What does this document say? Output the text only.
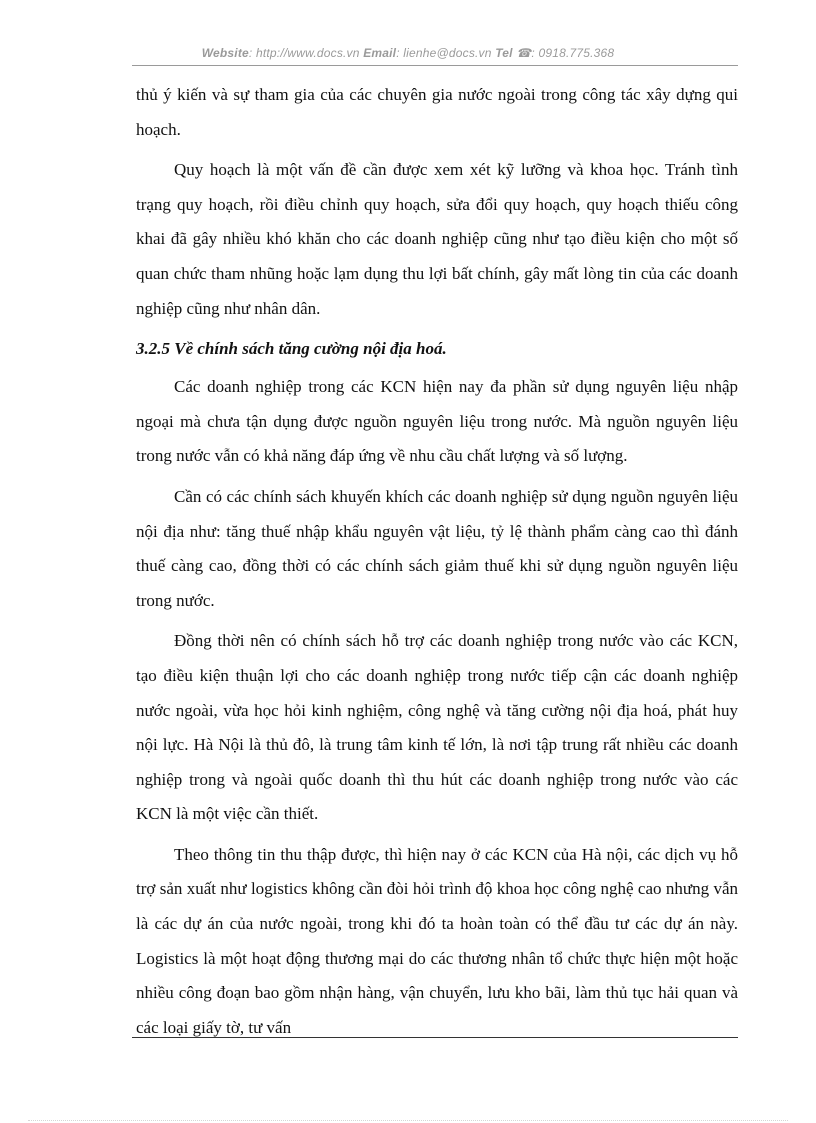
Website: http://www.docs.vn Email: lienhe@docs.vn Tel ☎: 0918.775.368

thủ ý kiến và sự tham gia của các chuyên gia nước ngoài trong công tác xây dựng qui hoạch.

Quy hoạch là một vấn đề cần được xem xét kỹ lưỡng và khoa học. Tránh tình trạng quy hoạch, rồi điều chỉnh quy hoạch, sửa đổi quy hoạch, quy hoạch thiếu công khai đã gây nhiều khó khăn cho các doanh nghiệp cũng như tạo điều kiện cho một số quan chức tham nhũng hoặc lạm dụng thu lợi bất chính, gây mất lòng tin của các doanh nghiệp cũng như nhân dân.

3.2.5 Về chính sách tăng cường nội địa hoá.

Các doanh nghiệp trong các KCN hiện nay đa phần sử dụng nguyên liệu nhập ngoại mà chưa tận dụng được nguồn nguyên liệu trong nước. Mà nguồn nguyên liệu trong nước vẫn có khả năng đáp ứng về nhu cầu chất lượng và số lượng.

Cần có các chính sách khuyến khích các doanh nghiệp sử dụng nguồn nguyên liệu nội địa như: tăng thuế nhập khẩu nguyên vật liệu, tỷ lệ thành phẩm càng cao thì đánh thuế càng cao, đồng thời có các chính sách giảm thuế khi sử dụng nguồn nguyên liệu trong nước.

Đồng thời nên có chính sách hỗ trợ các doanh nghiệp trong nước vào các KCN, tạo điều kiện thuận lợi cho các doanh nghiệp trong nước tiếp cận các doanh nghiệp nước ngoài, vừa học hỏi kinh nghiệm, công nghệ và tăng cường nội địa hoá, phát huy nội lực. Hà Nội là thủ đô, là trung tâm kinh tế lớn, là nơi tập trung rất nhiều các doanh nghiệp trong và ngoài quốc doanh thì thu hút các doanh nghiệp trong nước vào các KCN là một việc cần thiết.

Theo thông tin thu thập được, thì hiện nay ở các KCN của Hà nội, các dịch vụ hỗ trợ sản xuất như logistics không cần đòi hỏi trình độ khoa học công nghệ cao nhưng vẫn là các dự án của nước ngoài, trong khi đó ta hoàn toàn có thể đầu tư các dự án này. Logistics là một hoạt động thương mại do các thương nhân tổ chức thực hiện một hoặc nhiều công đoạn bao gồm nhận hàng, vận chuyển, lưu kho bãi, làm thủ tục hải quan và các loại giấy tờ, tư vấn
